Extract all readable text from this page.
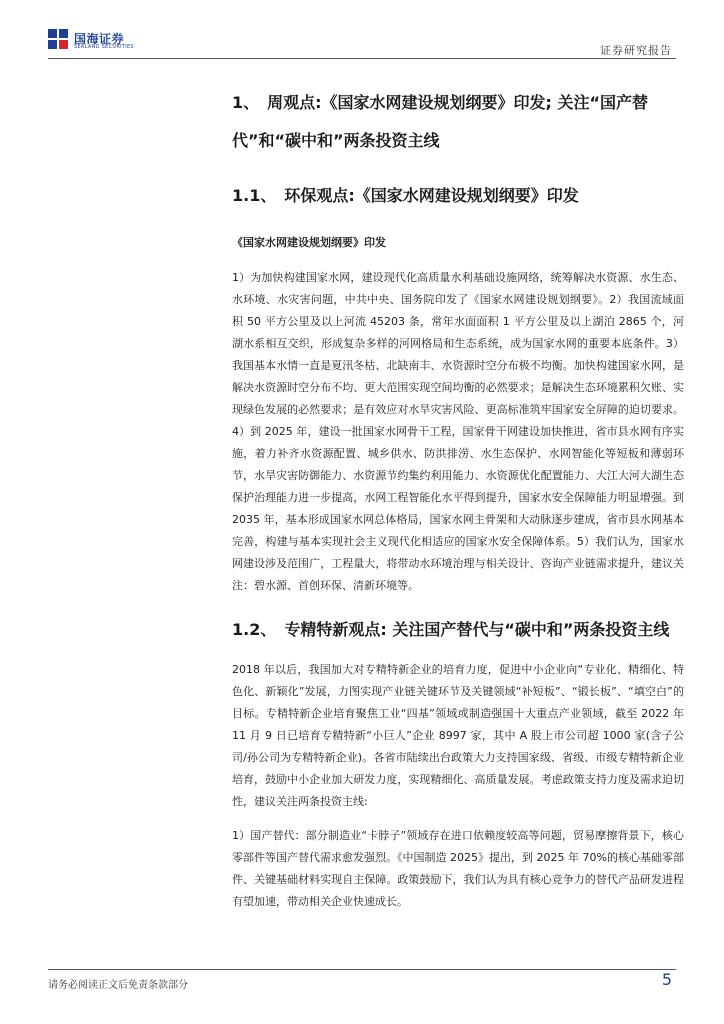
国海证券
SEALAND SECURITIES	证券研究报告
1、　周观点:《国家水网建设规划纲要》印发; 关注“国产替代”和“碳中和”两条投资主线
1.1、　环保观点:《国家水网建设规划纲要》印发
《国家水网建设规划纲要》印发
1）为加快构建国家水网，建设现代化高质量水利基础设施网络，统筹解决水资源、水生态、水环境、水灾害问题，中共中央、国务院印发了《国家水网建设规划纲要》。2）我国流域面积 50 平方公里及以上河流 45203 条，常年水面面积 1 平方公里及以上湖泊 2865 个，河湖水系相互交织，形成复杂多样的河网格局和生态系统，成为国家水网的重要本底条件。3）我国基本水情一直是夏汛冬枯、北缺南丰、水资源时空分布极不均衡。加快构建国家水网，是解决水资源时空分布不均、更大范围实现空间均衡的必然要求；是解决生态环境累积欠账、实现绿色发展的必然要求；是有效应对水旱灾害风险、更高标准筑牢国家安全屏障的迫切要求。4）到 2025 年，建设一批国家水网骨干工程，国家骨干网建设加快推进，省市县水网有序实施，着力补齐水资源配置、城乡供水、防洪排涝、水生态保护、水网智能化等短板和薄弱环节，水旱灾害防御能力、水资源节约集约利用能力、水资源优化配置能力、大江大河大湖生态保护治理能力进一步提高，水网工程智能化水平得到提升，国家水安全保障能力明显增强。到 2035 年，基本形成国家水网总体格局，国家水网主骨架和大动脉逐步建成，省市县水网基本完善，构建与基本实现社会主义现代化相适应的国家水安全保障体系。5）我们认为，国家水网建设涉及范围广，工程量大，将带动水环境治理与相关设计、咨询产业链需求提升，建议关注：碧水源、首创环保、清新环境等。
1.2、　专精特新观点: 关注国产替代与“碳中和”两条投资主线
2018 年以后，我国加大对专精特新企业的培育力度，促进中小企业向“专业化、精细化、特色化、新颖化”发展，力图实现产业链关键环节及关键领域“补短板”、“锻长板”、“填空白”的目标。专精特新企业培育聚焦工业“四基”领域或制造强国十大重点产业领域，截至 2022 年 11 月 9 日已培育专精特新“小巨人”企业 8997 家，其中 A 股上市公司超 1000 家(含子公司/孙公司为专精特新企业)。各省市陆续出台政策大力支持国家级、省级、市级专精特新企业培育，鼓励中小企业加大研发力度，实现精细化、高质量发展。考虑政策支持力度及需求迫切性，建议关注两条投资主线:
1）国产替代：部分制造业“卡脖子”领域存在进口依赖度较高等问题，贸易摩擦背景下，核心零部件等国产替代需求愈发强烈。《中国制造 2025》提出，到 2025 年 70%的核心基础零部件、关键基础材料实现自主保障。政策鼓励下，我们认为具有核心竞争力的替代产品研发进程有望加速，带动相关企业快速成长。
请务必阅读正文后免责条款部分	5
